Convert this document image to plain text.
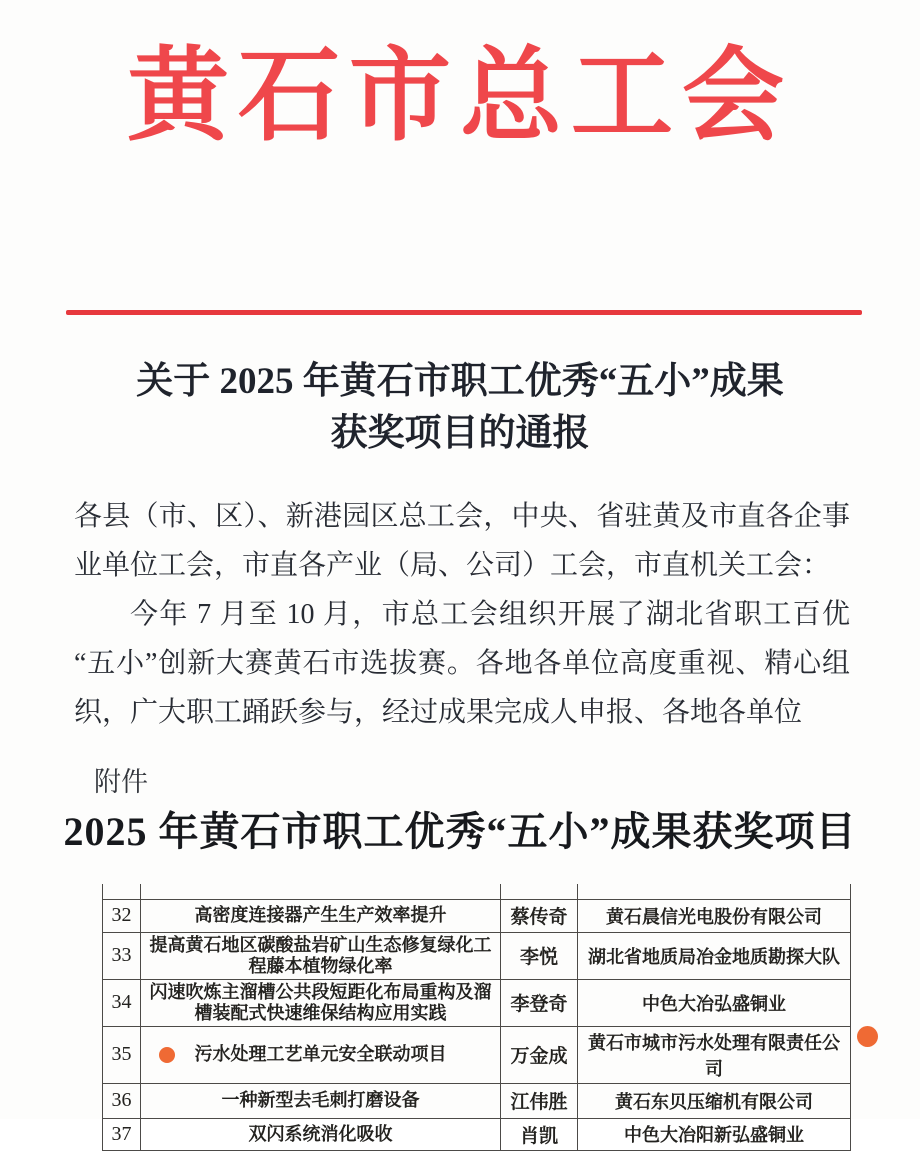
黄石市总工会
关于 2025 年黄石市职工优秀“五小”成果
获奖项目的通报

各县（市、区）、新港园区总工会，中央、省驻黄及市直各企事业单位工会，市直各产业（局、公司）工会，市直机关工会：

今年 7 月至 10 月，市总工会组织开展了湖北省职工百优“五小”创新大赛黄石市选拔赛。各地各单位高度重视、精心组织，广大职工踊跃参与，经过成果完成人申报、各地各单位

附件
2025 年黄石市职工优秀“五小”成果获奖项目

32	高密度连接器产生生产效率提升	蔡传奇	黄石晨信光电股份有限公司
33	提高黄石地区碳酸盐岩矿山生态修复绿化工程藤本植物绿化率	李悦	湖北省地质局冶金地质勘探大队
34	闪速吹炼主溜槽公共段短距化布局重构及溜槽装配式快速维保结构应用实践	李登奇	中色大冶弘盛铜业
35	污水处理工艺单元安全联动项目	万金成	黄石市城市污水处理有限责任公司
36	一种新型去毛刺打磨设备	江伟胜	黄石东贝压缩机有限公司
37	双闪系统消化吸收	肖凯	中色大冶阳新弘盛铜业
